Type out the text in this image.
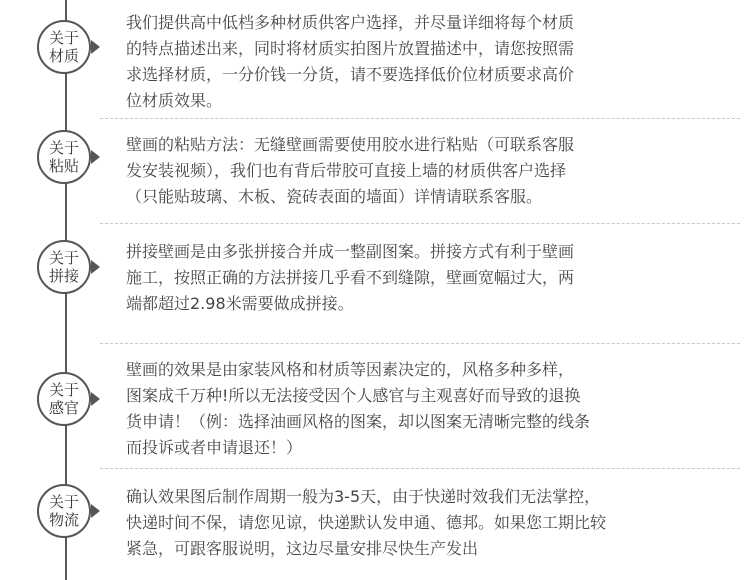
关于
材质
我们提供高中低档多种材质供客户选择，并尽量详细将每个材质
的特点描述出来，同时将材质实拍图片放置描述中，请您按照需
求选择材质，一分价钱一分货，请不要选择低价位材质要求高价
位材质效果。
关于
粘贴
壁画的粘贴方法：无缝壁画需要使用胶水进行粘贴（可联系客服
发安装视频），我们也有背后带胶可直接上墙的材质供客户选择
（只能贴玻璃、木板、瓷砖表面的墙面）详情请联系客服。
关于
拼接
拼接壁画是由多张拼接合并成一整副图案。拼接方式有利于壁画
施工，按照正确的方法拼接几乎看不到缝隙，壁画宽幅过大，两
端都超过2.98米需要做成拼接。
关于
感官
壁画的效果是由家装风格和材质等因素决定的，风格多种多样，
图案成千万种!所以无法接受因个人感官与主观喜好而导致的退换
货申请！（例：选择油画风格的图案，却以图案无清晰完整的线条
而投诉或者申请退还！）
关于
物流
确认效果图后制作周期一般为3-5天，由于快递时效我们无法掌控，
快递时间不保，请您见谅，快递默认发申通、德邦。如果您工期比较
紧急，可跟客服说明，这边尽量安排尽快生产发出
